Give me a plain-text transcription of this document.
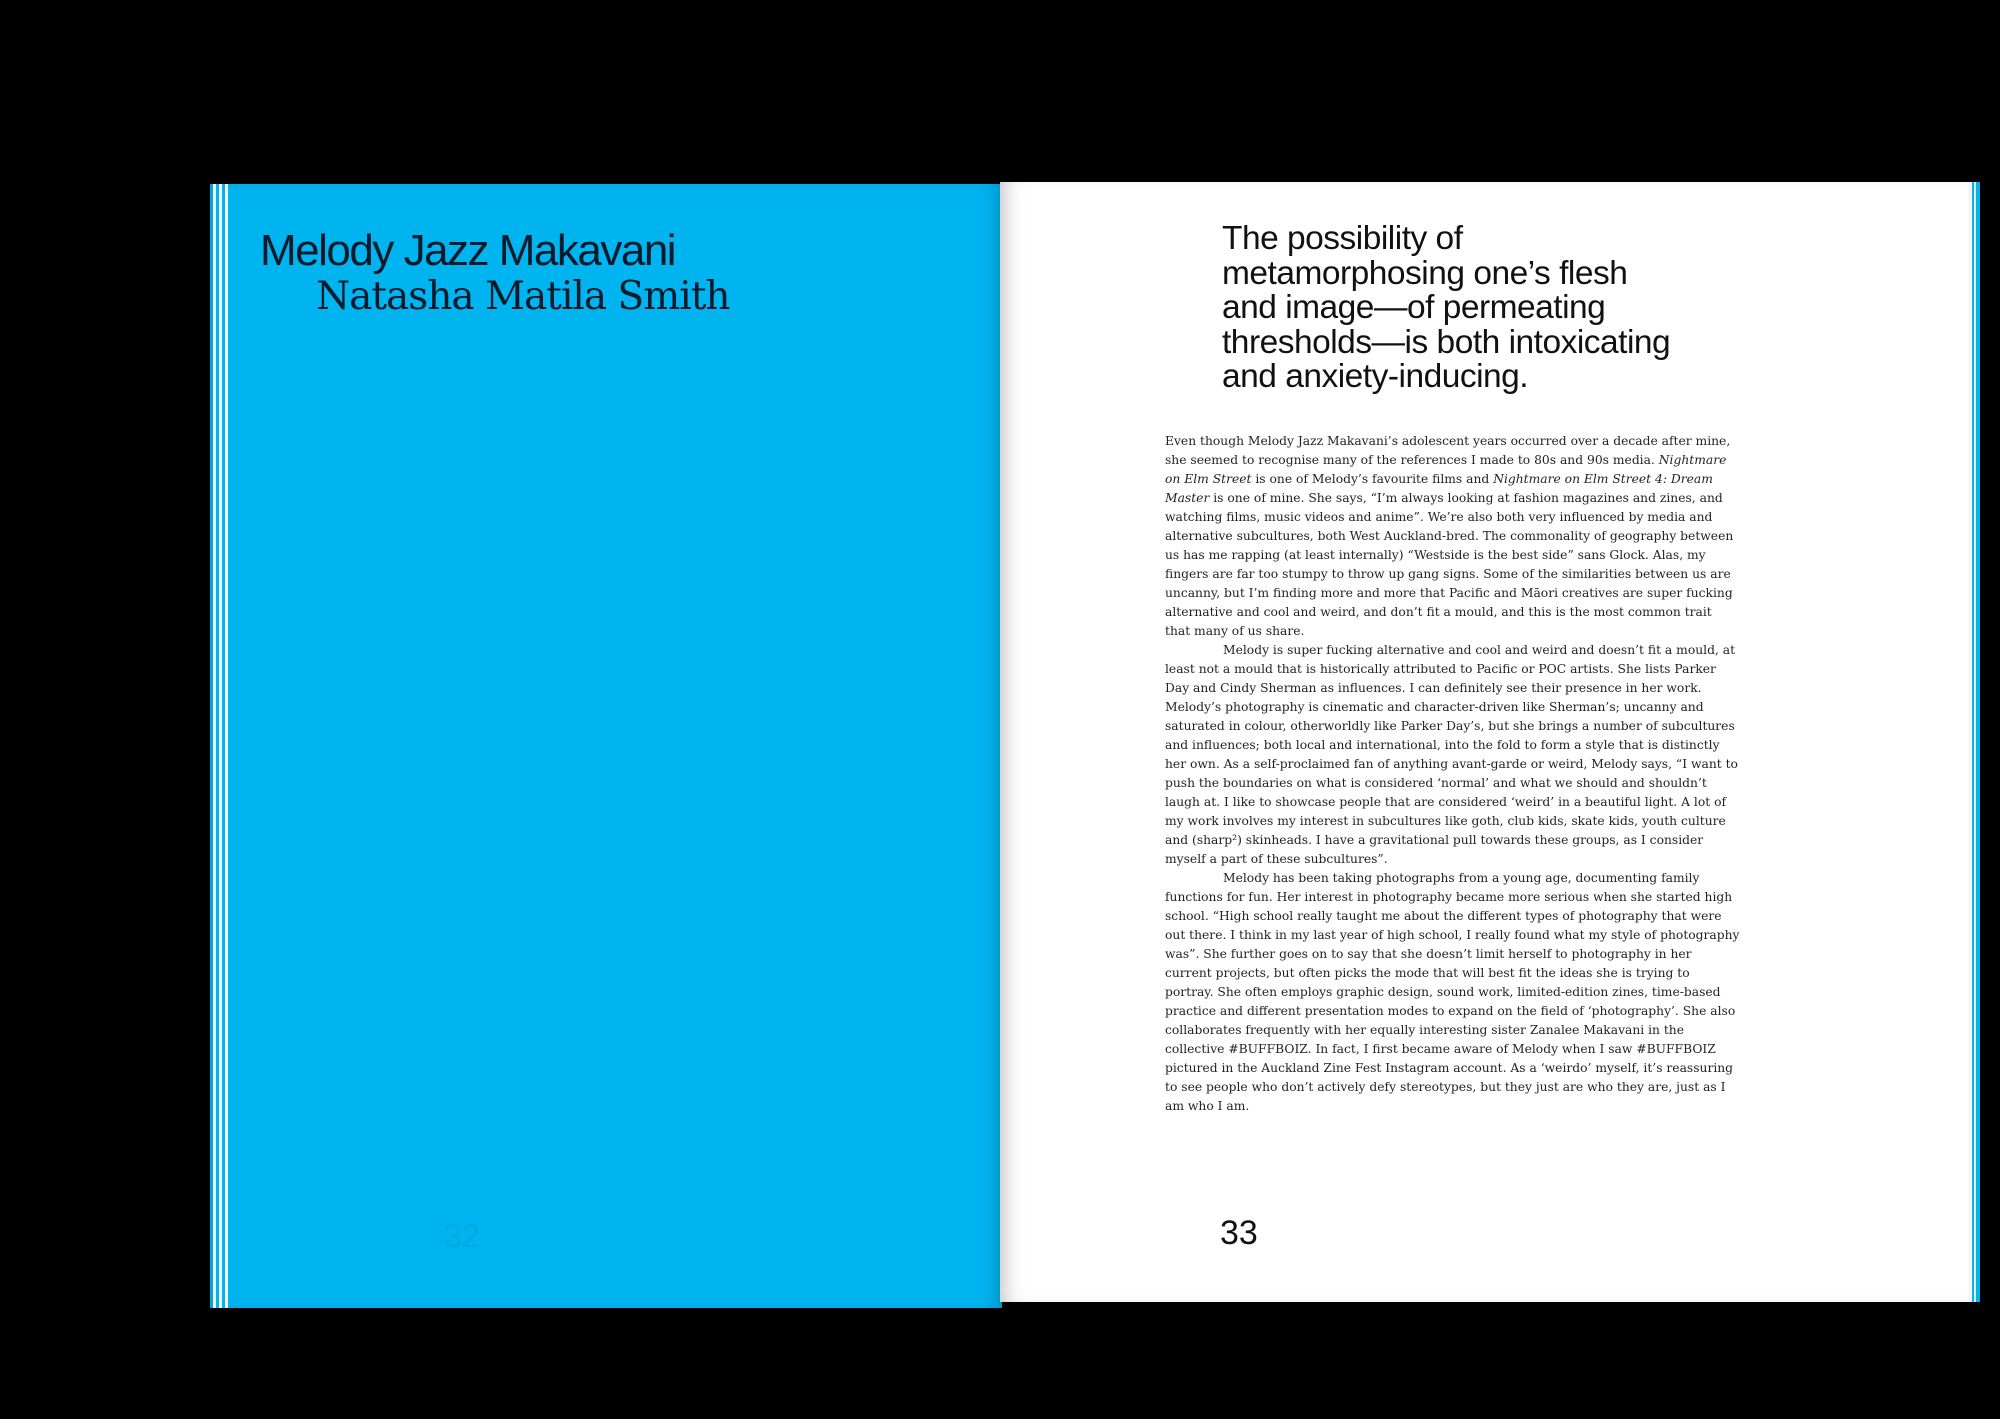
Melody Jazz Makavani
Natasha Matila Smith
32
The possibility of
metamorphosing one’s flesh
and image—of permeating
thresholds—is both intoxicating
and anxiety-inducing.

Even though Melody Jazz Makavani’s adolescent years occurred over a decade after mine, she seemed to recognise many of the references I made to 80s and 90s media. Nightmare on Elm Street is one of Melody’s favourite films and Nightmare on Elm Street 4: Dream Master is one of mine. She says, “I’m always looking at fashion magazines and zines, and watching films, music videos and anime”. We’re also both very influenced by media and alternative subcultures, both West Auckland-bred. The commonality of geography between us has me rapping (at least internally) “Westside is the best side” sans Glock. Alas, my fingers are far too stumpy to throw up gang signs. Some of the similarities between us are uncanny, but I’m finding more and more that Pacific and Māori creatives are super fucking alternative and cool and weird, and don’t fit a mould, and this is the most common trait that many of us share.

Melody is super fucking alternative and cool and weird and doesn’t fit a mould, at least not a mould that is historically attributed to Pacific or POC artists. She lists Parker Day and Cindy Sherman as influences. I can definitely see their presence in her work. Melody’s photography is cinematic and character-driven like Sherman’s; uncanny and saturated in colour, otherworldly like Parker Day’s, but she brings a number of subcultures and influences; both local and international, into the fold to form a style that is distinctly her own. As a self-proclaimed fan of anything avant-garde or weird, Melody says, “I want to push the boundaries on what is considered ‘normal’ and what we should and shouldn’t laugh at. I like to showcase people that are considered ‘weird’ in a beautiful light. A lot of my work involves my interest in subcultures like goth, club kids, skate kids, youth culture and (sharp²) skinheads. I have a gravitational pull towards these groups, as I consider myself a part of these subcultures”.

Melody has been taking photographs from a young age, documenting family functions for fun. Her interest in photography became more serious when she started high school. “High school really taught me about the different types of photography that were out there. I think in my last year of high school, I really found what my style of photography was”. She further goes on to say that she doesn’t limit herself to photography in her current projects, but often picks the mode that will best fit the ideas she is trying to portray. She often employs graphic design, sound work, limited-edition zines, time-based practice and different presentation modes to expand on the field of ‘photography’. She also collaborates frequently with her equally interesting sister Zanalee Makavani in the collective #BUFFBOIZ. In fact, I first became aware of Melody when I saw #BUFFBOIZ pictured in the Auckland Zine Fest Instagram account. As a ‘weirdo’ myself, it’s reassuring to see people who don’t actively defy stereotypes, but they just are who they are, just as I am who I am.

33
